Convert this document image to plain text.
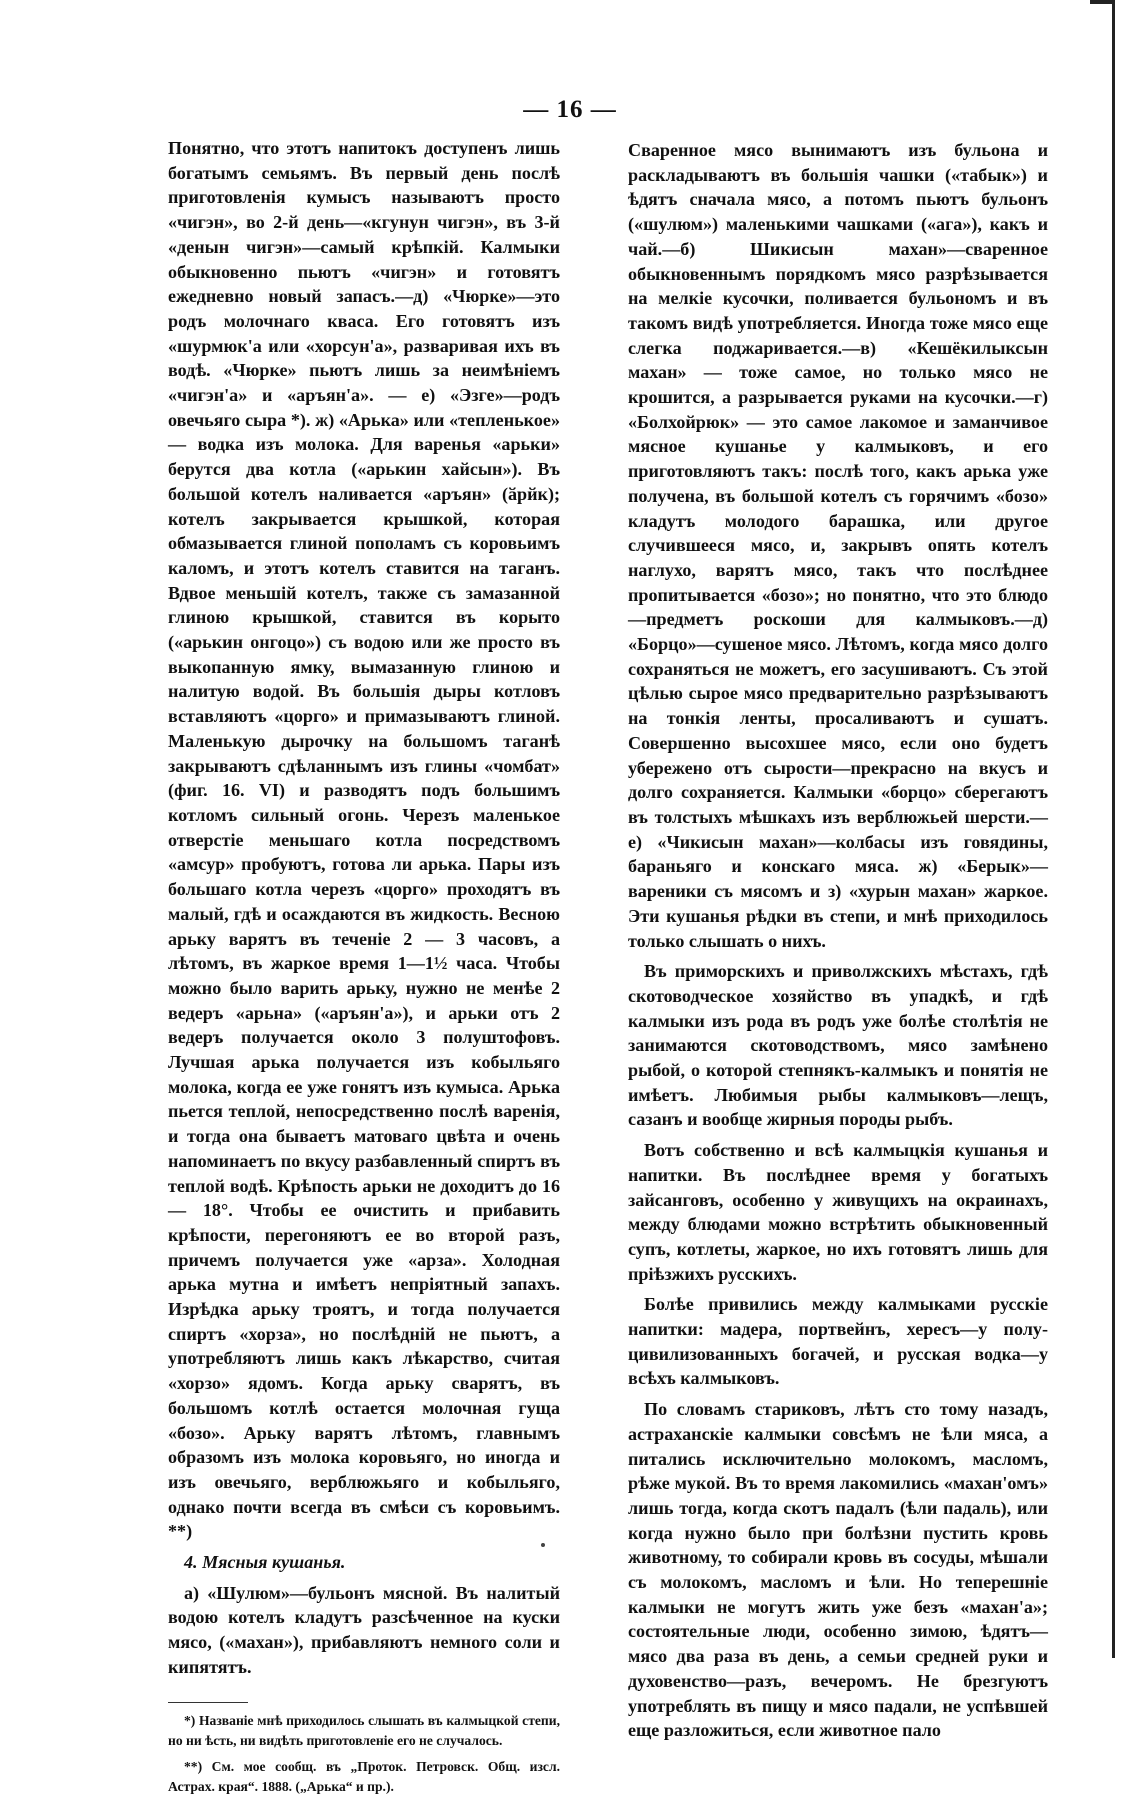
— 16 —

Понятно, что этотъ напитокъ доступенъ лишь богатымъ семьямъ. Въ первый день послѣ приготовленія кумысъ называютъ просто «чигэн», во 2-й день—«кгунун чигэн», въ 3-й «денын чигэн»—самый крѣпкій. Калмыки обыкновенно пьютъ «чигэн» и готовятъ ежедневно новый запасъ.—д) «Чюрке»—это родъ молочнаго кваса. Его готовятъ изъ «шурмюк'а или «хорсун'а», разваривая ихъ въ водѣ. «Чюрке» пьютъ лишь за неимѣніемъ «чигэн'а» и «аръян'а». — е) «Эзге»—родъ овечьяго сыра *). ж) «Арька» или «тепленькое» — водка изъ молока. Для варенья «арьки» берутся два котла («арькин хайсын»). Въ большой котелъ наливается «аръян» (ӑрйк); котелъ закрывается крышкой, которая обмазывается глиной пополамъ съ коровьимъ каломъ, и этотъ котелъ ставится на таганъ. Вдвое меньшій котелъ, также съ замазанной глиною крышкой, ставится въ корыто («арькин онгоцо») съ водою или же просто въ выкопанную ямку, вымазанную глиною и налитую водой. Въ большія дыры котловъ вставляютъ «цорго» и примазываютъ глиной. Маленькую дырочку на большомъ таганѣ закрываютъ сдѣланнымъ изъ глины «чомбат» (фиг. 16. VI) и разводятъ подъ большимъ котломъ сильный огонь. Черезъ маленькое отверстіе меньшаго котла посредствомъ «амсур» пробуютъ, готова ли арька. Пары изъ большаго котла черезъ «цорго» проходятъ въ малый, гдѣ и осаждаются въ жидкость. Весною арьку варятъ въ теченіе 2 — 3 часовъ, а лѣтомъ, въ жаркое время 1—1½ часа. Чтобы можно было варить арьку, нужно не менѣе 2 ведеръ «арьна» («аръян'а»), и арьки отъ 2 ведеръ получается около 3 полуштофовъ. Лучшая арька получается изъ кобыльяго молока, когда ее уже гонятъ изъ кумыса. Арька пьется теплой, непосредственно послѣ варенія, и тогда она бываетъ матоваго цвѣта и очень напоминаетъ по вкусу разбавленный спиртъ въ теплой водѣ. Крѣпость арьки не доходитъ до 16 — 18°. Чтобы ее очистить и прибавить крѣпости, перегоняютъ ее во второй разъ, причемъ получается уже «арза». Холодная арька мутна и имѣетъ непріятный запахъ. Изрѣдка арьку троятъ, и тогда получается спиртъ «хорза», но послѣдній не пьютъ, а употребляютъ лишь какъ лѣкарство, считая «хорзо» ядомъ. Когда арьку сварятъ, въ большомъ котлѣ остается молочная гуща «бозо». Арьку варятъ лѣтомъ, главнымъ образомъ изъ молока коровьяго, но иногда и изъ овечьяго, верблюжьяго и кобыльяго, однако почти всегда въ смѣси съ коровьимъ. **)

4. Мясныя кушанья.

а) «Шулюм»—бульонъ мясной. Въ налитый водою котелъ кладутъ разсѣченное на куски мясо, («махан»), прибавляютъ немного соли и кипятятъ.

*) Названіе мнѣ приходилось слышать въ калмыцкой степи, но ни ѣсть, ни видѣть приготовленіе его не случалось.

**) См. мое сообщ. въ „Проток. Петровск. Общ. изсл. Астрах. края“. 1888. („Арька“ и пр.).

Сваренное мясо вынимаютъ изъ бульона и раскладываютъ въ большія чашки («табык») и ѣдятъ сначала мясо, а потомъ пьютъ бульонъ («шулюм») маленькими чашками («ага»), какъ и чай.—б) Шикисын махан»—сваренное обыкновеннымъ порядкомъ мясо разрѣзывается на мелкіе кусочки, поливается бульономъ и въ такомъ видѣ употребляется. Иногда тоже мясо еще слегка поджаривается.—в) «Кешёкилыксын махан» — тоже самое, но только мясо не крошится, а разрывается руками на кусочки.—г) «Болхойрюк» — это самое лакомое и заманчивое мясное кушанье у калмыковъ, и его приготовляютъ такъ: послѣ того, какъ арька уже получена, въ большой котелъ съ горячимъ «бозо» кладутъ молодого барашка, или другое случившееся мясо, и, закрывъ опять котелъ наглухо, варятъ мясо, такъ что послѣднее пропитывается «бозо»; но понятно, что это блюдо—предметъ роскоши для калмыковъ.—д) «Борцо»—сушеное мясо. Лѣтомъ, когда мясо долго сохраняться не можетъ, его засушиваютъ. Съ этой цѣлью сырое мясо предварительно разрѣзываютъ на тонкія ленты, просаливаютъ и сушатъ. Совершенно высохшее мясо, если оно будетъ убережено отъ сырости—прекрасно на вкусъ и долго сохраняется. Калмыки «борцо» сберегаютъ въ толстыхъ мѣшкахъ изъ верблюжьей шерсти.—е) «Чикисын махан»—колбасы изъ говядины, бараньяго и конскаго мяса. ж) «Берык»—вареники съ мясомъ и з) «хурын махан» жаркое. Эти кушанья рѣдки въ степи, и мнѣ приходилось только слышать о нихъ.

Въ приморскихъ и приволжскихъ мѣстахъ, гдѣ скотоводческое хозяйство въ упадкѣ, и гдѣ калмыки изъ рода въ родъ уже болѣе столѣтія не занимаются скотоводствомъ, мясо замѣнено рыбой, о которой степнякъ-калмыкъ и понятія не имѣетъ. Любимыя рыбы калмыковъ—лещъ, сазанъ и вообще жирныя породы рыбъ.

Вотъ собственно и всѣ калмыцкія кушанья и напитки. Въ послѣднее время у богатыхъ зайсанговъ, особенно у живущихъ на окраинахъ, между блюдами можно встрѣтить обыкновенный супъ, котлеты, жаркое, но ихъ готовятъ лишь для пріѣзжихъ русскихъ.

Болѣе привились между калмыками русскіе напитки: мадера, портвейнъ, хересъ—у полу-цивилизованныхъ богачей, и русская водка—у всѣхъ калмыковъ.

По словамъ стариковъ, лѣтъ сто тому назадъ, астраханскіе калмыки совсѣмъ не ѣли мяса, а питались исключительно молокомъ, масломъ, рѣже мукой. Въ то время лакомились «махан'омъ» лишь тогда, когда скотъ падалъ (ѣли падаль), или когда нужно было при болѣзни пустить кровь животному, то собирали кровь въ сосуды, мѣшали съ молокомъ, масломъ и ѣли. Но теперешніе калмыки не могутъ жить уже безъ «махан'а»; состоятельные люди, особенно зимою, ѣдятъ—мясо два раза въ день, а семьи средней руки и духовенство—разъ, вечеромъ. Не брезгуютъ употреблять въ пищу и мясо падали, не успѣвшей еще разложиться, если животное пало
